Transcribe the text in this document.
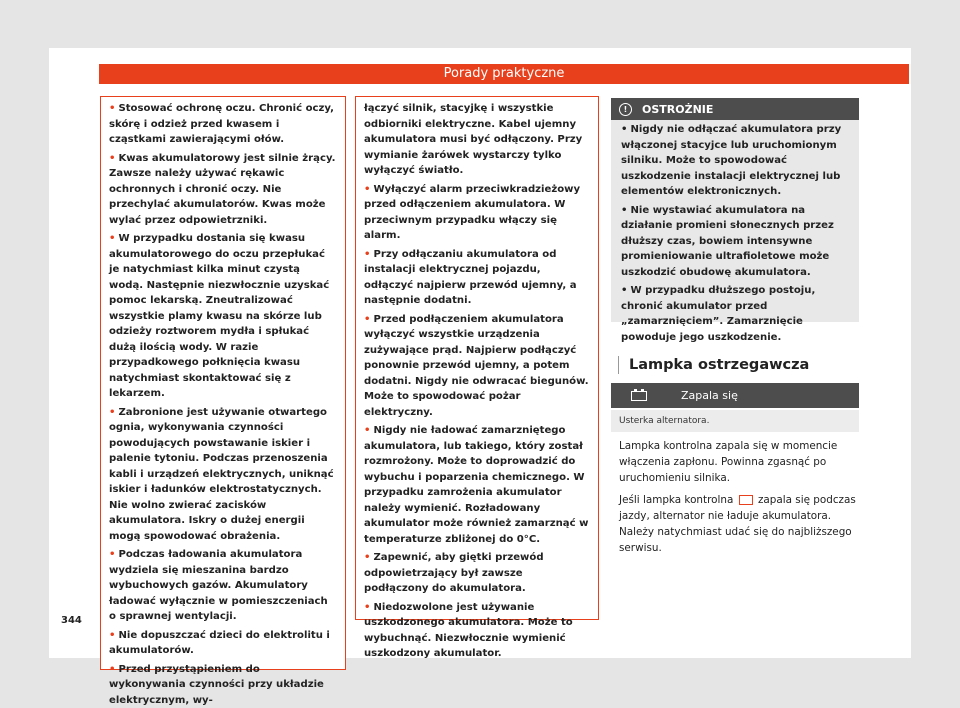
Porady praktyczne

• Stosować ochronę oczu. Chronić oczy, skórę i odzież przed kwasem i cząstkami zawierającymi ołów.

• Kwas akumulatorowy jest silnie żrący. Zawsze należy używać rękawic ochronnych i chronić oczy. Nie przechylać akumulatorów. Kwas może wylać przez odpowietrzniki.

• W przypadku dostania się kwasu akumulatorowego do oczu przepłukać je natychmiast kilka minut czystą wodą. Następnie niezwłocznie uzyskać pomoc lekarską. Zneutralizować wszystkie plamy kwasu na skórze lub odzieży roztworem mydła i spłukać dużą ilością wody. W razie przypadkowego połknięcia kwasu natychmiast skontaktować się z lekarzem.

• Zabronione jest używanie otwartego ognia, wykonywania czynności powodujących powstawanie iskier i palenie tytoniu. Podczas przenoszenia kabli i urządzeń elektrycznych, uniknąć iskier i ładunków elektrostatycznych. Nie wolno zwierać zacisków akumulatora. Iskry o dużej energii mogą spowodować obrażenia.

• Podczas ładowania akumulatora wydziela się mieszanina bardzo wybuchowych gazów. Akumulatory ładować wyłącznie w pomieszczeniach o sprawnej wentylacji.

• Nie dopuszczać dzieci do elektrolitu i akumulatorów.

• Przed przystąpieniem do wykonywania czynności przy układzie elektrycznym, wy-

łączyć silnik, stacyjkę i wszystkie odbiorniki elektryczne. Kabel ujemny akumulatora musi być odłączony. Przy wymianie żarówek wystarczy tylko wyłączyć światło.

• Wyłączyć alarm przeciwkradzieżowy przed odłączeniem akumulatora. W przeciwnym przypadku włączy się alarm.

• Przy odłączaniu akumulatora od instalacji elektrycznej pojazdu, odłączyć najpierw przewód ujemny, a następnie dodatni.

• Przed podłączeniem akumulatora wyłączyć wszystkie urządzenia zużywające prąd. Najpierw podłączyć ponownie przewód ujemny, a potem dodatni. Nigdy nie odwracać biegunów. Może to spowodować pożar elektryczny.

• Nigdy nie ładować zamarzniętego akumulatora, lub takiego, który został rozmrożony. Może to doprowadzić do wybuchu i poparzenia chemicznego. W przypadku zamrożenia akumulator należy wymienić. Rozładowany akumulator może również zamarznąć w temperaturze zbliżonej do 0°C.

• Zapewnić, aby giętki przewód odpowietrzający był zawsze podłączony do akumulatora.

• Niedozwolone jest używanie uszkodzonego akumulatora. Może to wybuchnąć. Niezwłocznie wymienić uszkodzony akumulator.

!	OSTROŻNIE

• Nigdy nie odłączać akumulatora przy włączonej stacyjce lub uruchomionym silniku. Może to spowodować uszkodzenie instalacji elektrycznej lub elementów elektronicznych.

• Nie wystawiać akumulatora na działanie promieni słonecznych przez dłuższy czas, bowiem intensywne promieniowanie ultrafioletowe może uszkodzić obudowę akumulatora.

• W przypadku dłuższego postoju, chronić akumulator przed „zamarznięciem”. Zamarznięcie powoduje jego uszkodzenie.

Lampka ostrzegawcza
Zapala się
Usterka alternatora.

Lampka kontrolna zapala się w momencie włączenia zapłonu. Powinna zgasnąć po uruchomieniu silnika.

Jeśli lampka kontrolna zapala się podczas jazdy, alternator nie ładuje akumulatora. Należy natychmiast udać się do najbliższego serwisu.

344
